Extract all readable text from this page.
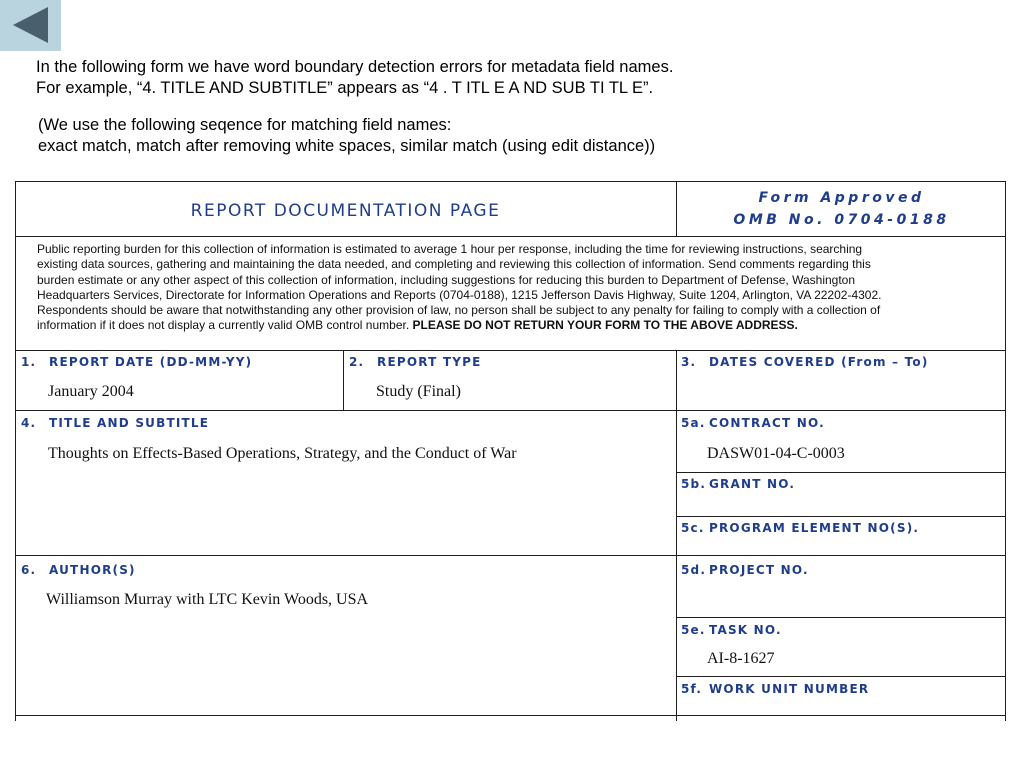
In the following form we have word boundary detection errors for metadata field names.
For example, “4. TITLE AND SUBTITLE” appears as “4 . T ITL E A ND SUB TI TL E”.
(We use the following seqence for matching field names:
exact match, match after removing white spaces, similar match (using edit distance))
REPORT DOCUMENTATION PAGE
Form Approved
OMB No. 0704-0188
Public reporting burden for this collection of information is estimated to average 1 hour per response, including the time for reviewing instructions, searching
existing data sources, gathering and maintaining the data needed, and completing and reviewing this collection of information. Send comments regarding this
burden estimate or any other aspect of this collection of information, including suggestions for reducing this burden to Department of Defense, Washington
Headquarters Services, Directorate for Information Operations and Reports (0704-0188), 1215 Jefferson Davis Highway, Suite 1204, Arlington, VA 22202-4302.
Respondents should be aware that notwithstanding any other provision of law, no person shall be subject to any penalty for failing to comply with a collection of
information if it does not display a currently valid OMB control number. PLEASE DO NOT RETURN YOUR FORM TO THE ABOVE ADDRESS.
1. REPORT DATE (DD-MM-YY)
January 2004
2. REPORT TYPE
Study (Final)
3. DATES COVERED (From – To)
4. TITLE AND SUBTITLE
Thoughts on Effects-Based Operations, Strategy, and the Conduct of War
5a. CONTRACT NO.
DASW01-04-C-0003
5b. GRANT NO.
5c. PROGRAM ELEMENT NO(S).
6. AUTHOR(S)
Williamson Murray with LTC Kevin Woods, USA
5d. PROJECT NO.
5e. TASK NO.
AI-8-1627
5f. WORK UNIT NUMBER
